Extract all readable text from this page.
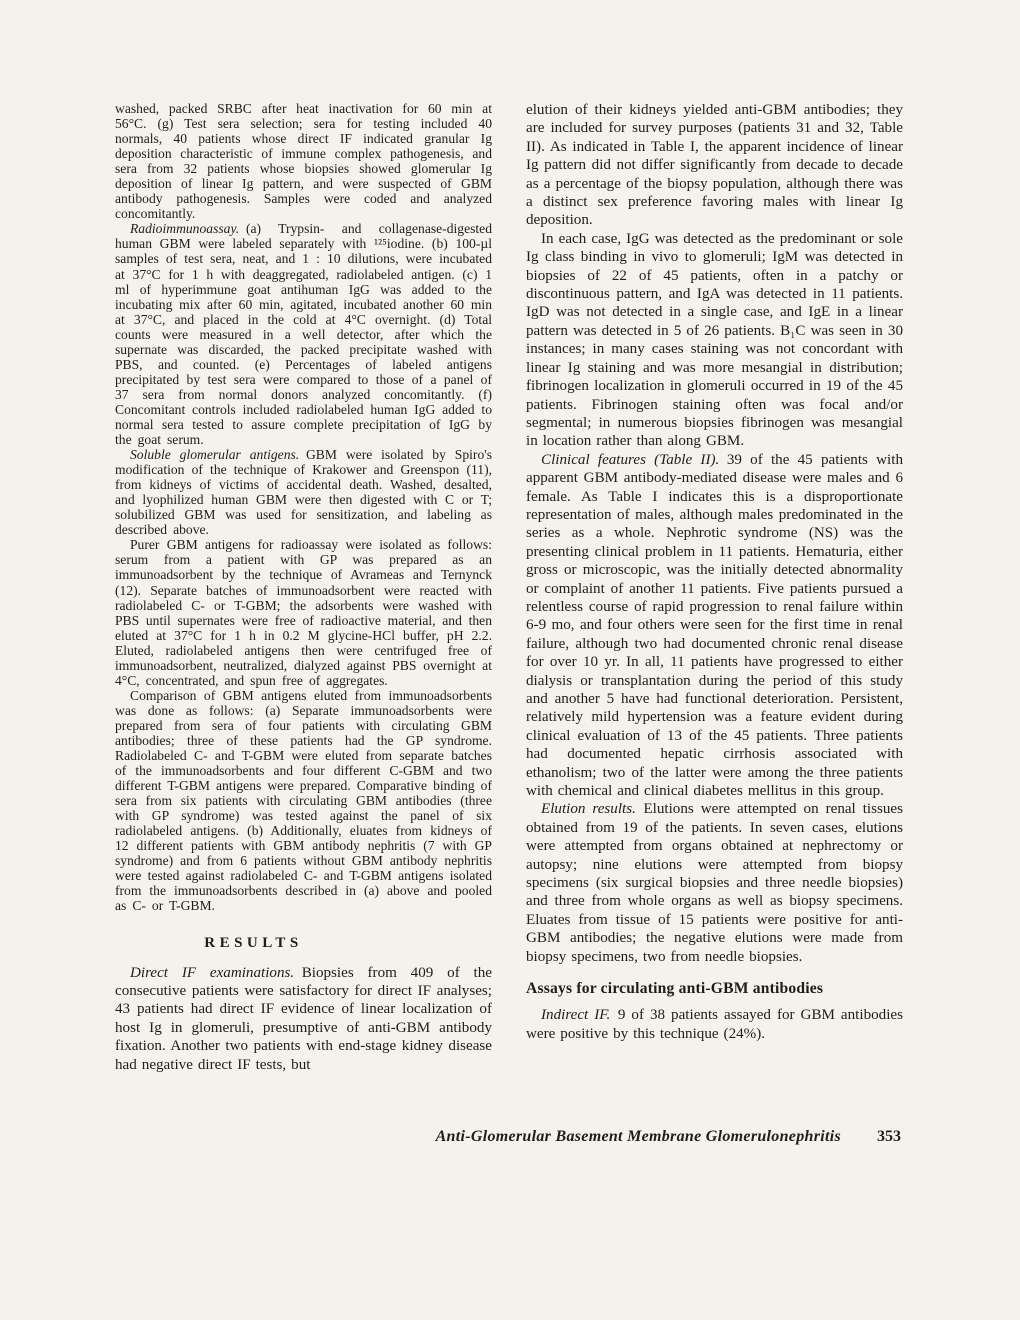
washed, packed SRBC after heat inactivation for 60 min at 56°C. (g) Test sera selection; sera for testing included 40 normals, 40 patients whose direct IF indicated granular Ig deposition characteristic of immune complex pathogenesis, and sera from 32 patients whose biopsies showed glomerular Ig deposition of linear Ig pattern, and were suspected of GBM antibody pathogenesis. Samples were coded and analyzed concomitantly.

Radioimmunoassay. (a) Trypsin- and collagenase-digested human GBM were labeled separately with ¹²⁵iodine. (b) 100-µl samples of test sera, neat, and 1 : 10 dilutions, were incubated at 37°C for 1 h with deaggregated, radiolabeled antigen. (c) 1 ml of hyperimmune goat antihuman IgG was added to the incubating mix after 60 min, agitated, incubated another 60 min at 37°C, and placed in the cold at 4°C overnight. (d) Total counts were measured in a well detector, after which the supernate was discarded, the packed precipitate washed with PBS, and counted. (e) Percentages of labeled antigens precipitated by test sera were compared to those of a panel of 37 sera from normal donors analyzed concomitantly. (f) Concomitant controls included radiolabeled human IgG added to normal sera tested to assure complete precipitation of IgG by the goat serum.

Soluble glomerular antigens. GBM were isolated by Spiro's modification of the technique of Krakower and Greenspon (11), from kidneys of victims of accidental death. Washed, desalted, and lyophilized human GBM were then digested with C or T; solubilized GBM was used for sensitization, and labeling as described above.

Purer GBM antigens for radioassay were isolated as follows: serum from a patient with GP was prepared as an immunoadsorbent by the technique of Avrameas and Ternynck (12). Separate batches of immunoadsorbent were reacted with radiolabeled C- or T-GBM; the adsorbents were washed with PBS until supernates were free of radioactive material, and then eluted at 37°C for 1 h in 0.2 M glycine-HCl buffer, pH 2.2. Eluted, radiolabeled antigens then were centrifuged free of immunoadsorbent, neutralized, dialyzed against PBS overnight at 4°C, concentrated, and spun free of aggregates.

Comparison of GBM antigens eluted from immunoadsorbents was done as follows: (a) Separate immunoadsorbents were prepared from sera of four patients with circulating GBM antibodies; three of these patients had the GP syndrome. Radiolabeled C- and T-GBM were eluted from separate batches of the immunoadsorbents and four different C-GBM and two different T-GBM antigens were prepared. Comparative binding of sera from six patients with circulating GBM antibodies (three with GP syndrome) was tested against the panel of six radiolabeled antigens. (b) Additionally, eluates from kidneys of 12 different patients with GBM antibody nephritis (7 with GP syndrome) and from 6 patients without GBM antibody nephritis were tested against radiolabeled C- and T-GBM antigens isolated from the immunoadsorbents described in (a) above and pooled as C- or T-GBM.

RESULTS

Direct IF examinations. Biopsies from 409 of the consecutive patients were satisfactory for direct IF analyses; 43 patients had direct IF evidence of linear localization of host Ig in glomeruli, presumptive of anti-GBM antibody fixation. Another two patients with end-stage kidney disease had negative direct IF tests, but

elution of their kidneys yielded anti-GBM antibodies; they are included for survey purposes (patients 31 and 32, Table II). As indicated in Table I, the apparent incidence of linear Ig pattern did not differ significantly from decade to decade as a percentage of the biopsy population, although there was a distinct sex preference favoring males with linear Ig deposition.

In each case, IgG was detected as the predominant or sole Ig class binding in vivo to glomeruli; IgM was detected in biopsies of 22 of 45 patients, often in a patchy or discontinuous pattern, and IgA was detected in 11 patients. IgD was not detected in a single case, and IgE in a linear pattern was detected in 5 of 26 patients. B₁C was seen in 30 instances; in many cases staining was not concordant with linear Ig staining and was more mesangial in distribution; fibrinogen localization in glomeruli occurred in 19 of the 45 patients. Fibrinogen staining often was focal and/or segmental; in numerous biopsies fibrinogen was mesangial in location rather than along GBM.

Clinical features (Table II). 39 of the 45 patients with apparent GBM antibody-mediated disease were males and 6 female. As Table I indicates this is a disproportionate representation of males, although males predominated in the series as a whole. Nephrotic syndrome (NS) was the presenting clinical problem in 11 patients. Hematuria, either gross or microscopic, was the initially detected abnormality or complaint of another 11 patients. Five patients pursued a relentless course of rapid progression to renal failure within 6-9 mo, and four others were seen for the first time in renal failure, although two had documented chronic renal disease for over 10 yr. In all, 11 patients have progressed to either dialysis or transplantation during the period of this study and another 5 have had functional deterioration. Persistent, relatively mild hypertension was a feature evident during clinical evaluation of 13 of the 45 patients. Three patients had documented hepatic cirrhosis associated with ethanolism; two of the latter were among the three patients with chemical and clinical diabetes mellitus in this group.

Elution results. Elutions were attempted on renal tissues obtained from 19 of the patients. In seven cases, elutions were attempted from organs obtained at nephrectomy or autopsy; nine elutions were attempted from biopsy specimens (six surgical biopsies and three needle biopsies) and three from whole organs as well as biopsy specimens. Eluates from tissue of 15 patients were positive for anti-GBM antibodies; the negative elutions were made from biopsy specimens, two from needle biopsies.

Assays for circulating anti-GBM antibodies

Indirect IF. 9 of 38 patients assayed for GBM antibodies were positive by this technique (24%).

Anti-Glomerular Basement Membrane Glomerulonephritis 353
